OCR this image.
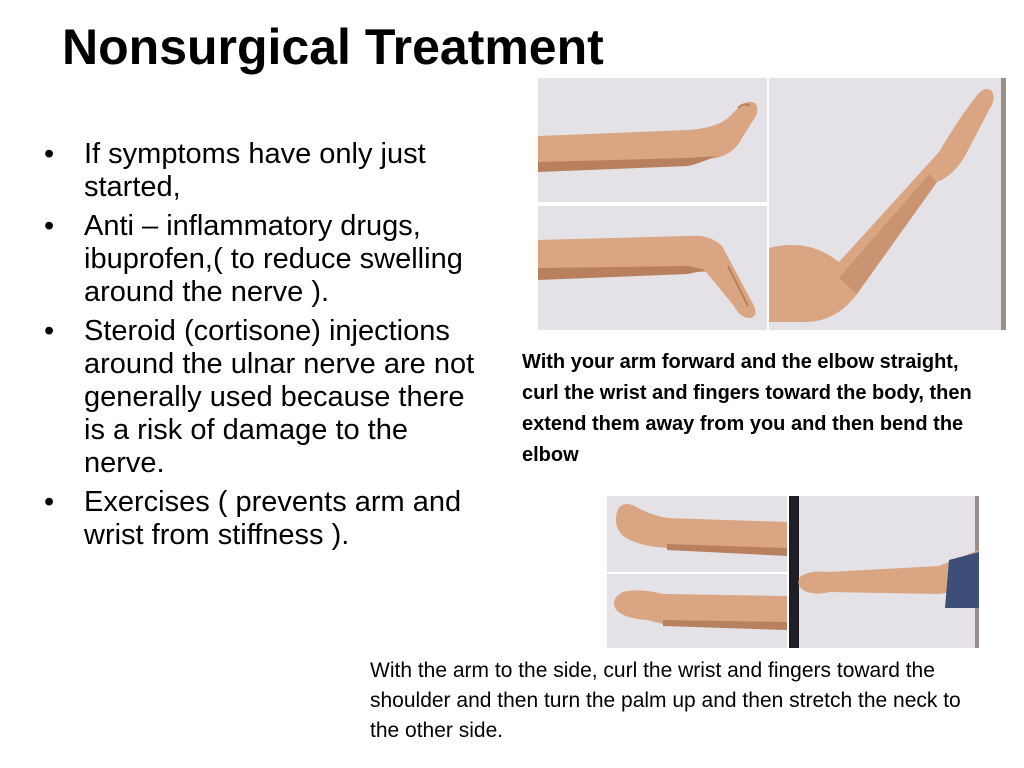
Nonsurgical Treatment
• If symptoms have only just started,
• Anti – inflammatory drugs, ibuprofen,( to reduce swelling around the nerve ).
• Steroid (cortisone) injections around the ulnar nerve are not generally used because there is a risk of damage to the nerve.
• Exercises ( prevents arm and wrist from stiffness ).
With your arm forward and the elbow straight, curl the wrist and fingers toward the body, then extend them away from you and then bend the elbow
With the arm to the side, curl the wrist and fingers toward the shoulder and then turn the palm up and then stretch the neck to the other side.
